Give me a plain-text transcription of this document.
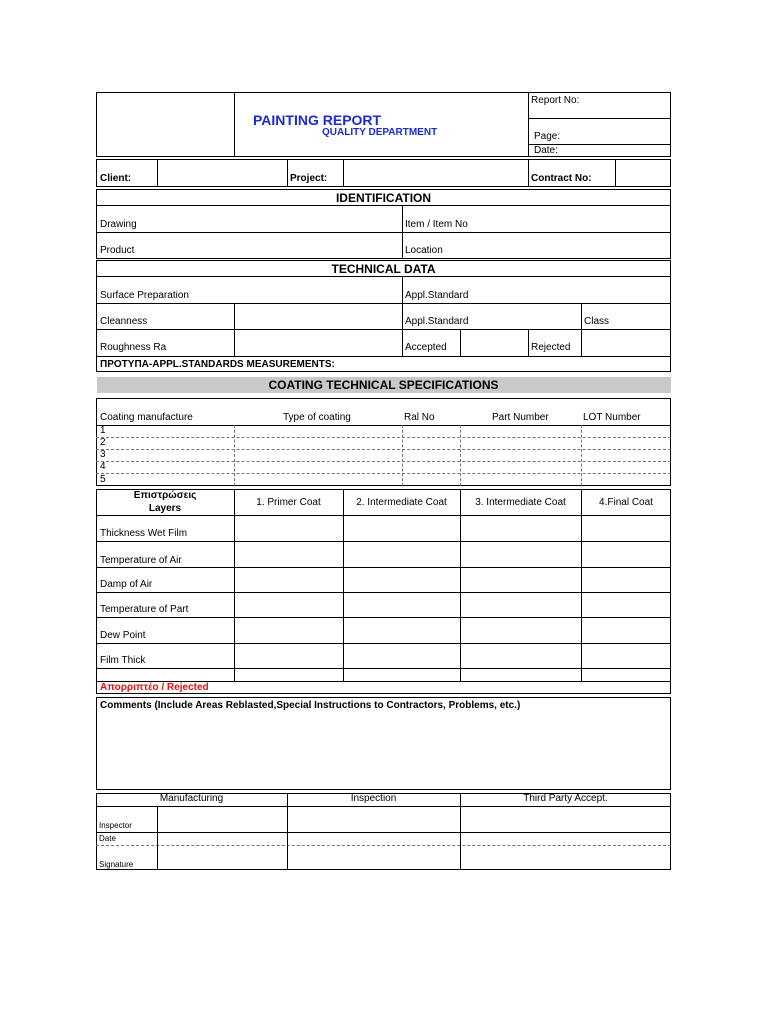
PAINTING REPORT
QUALITY DEPARTMENT
Report No:
Page:
Date:
Client:	Project:	Contract No:
IDENTIFICATION
Drawing	Item / Item No
Product	Location
TECHNICAL DATA
Surface Preparation	Appl.Standard
Cleanness	Appl.Standard	Class
Roughness Ra	Accepted	Rejected
ΠΡΟΤΥΠΑ-APPL.STANDARDS MEASUREMENTS:
COATING TECHNICAL SPECIFICATIONS
Coating manufacture	Type of coating	Ral No	Part Number	LOT Number
1
2
3
4
5
Επιστρώσεις
Layers
1. Primer Coat	2. Intermediate Coat	3. Intermediate Coat	4.Final Coat
Thickness Wet Film
Temperature of Air
Damp of Air
Temperature of Part
Dew Point
Film Thick
Απορριπτέο / Rejected
Comments (Include Areas Reblasted,Special Instructions to Contractors, Problems, etc.)
Manufacturing	Inspection	Third Party Accept.
Inspector
Date
Signature
